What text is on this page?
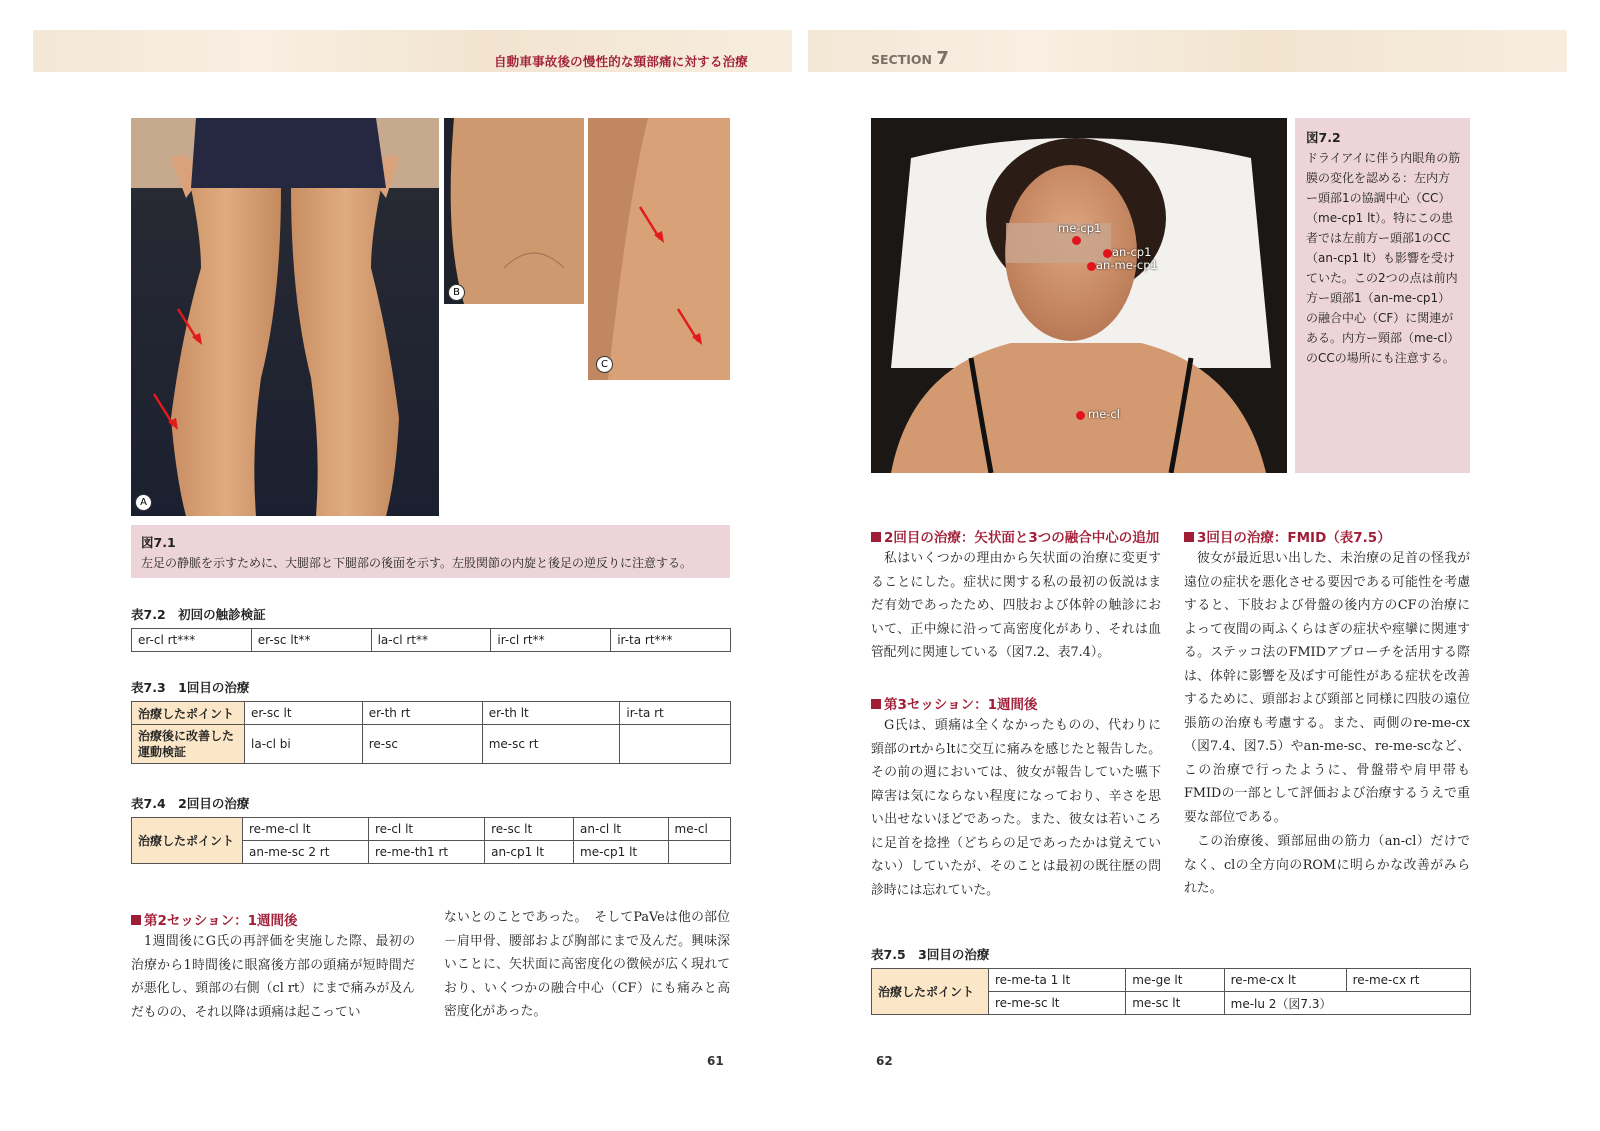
自動車事故後の慢性的な頸部痛に対する治療	SECTION 7
A
B
C
図7.1
左足の静脈を示すために、大腿部と下腿部の後面を示す。左股関節の内旋と後足の逆反りに注意する。
表7.2　初回の触診検証
er-cl rt***	er-sc lt**	la-cl rt**	ir-cl rt**	ir-ta rt***
表7.3　1回目の治療
治療したポイント	er-sc lt	er-th rt	er-th lt	ir-ta rt
治療後に改善した運動検証	la-cl bi	re-sc	me-sc rt	
表7.4　2回目の治療
治療したポイント	re-me-cl lt	re-cl lt	re-sc lt	an-cl lt	me-cl
	an-me-sc 2 rt	re-me-th1 rt	an-cp1 lt	me-cp1 lt	
第2セッション：1週間後
1週間後にG氏の再評価を実施した際、最初の治療から1時間後に眼窩後方部の頭痛が短時間だが悪化し、頸部の右側（cl rt）にまで痛みが及んだものの、それ以降は頭痛は起こってい
ないとのことであった。　そしてPaVeは他の部位－肩甲骨、腰部および胸部にまで及んだ。興味深いことに、矢状面に高密度化の徴候が広く現れており、いくつかの融合中心（CF）にも痛みと高密度化があった。
61
me-cp1
an-cp1
an-me-cp1
me-cl
図7.2
ドライアイに伴う内眼角の筋膜の変化を認める：左内方ー頭部1の協調中心（CC）（me-cp1 lt）。特にこの患者では左前方ー頭部1のCC（an-cp1 lt）も影響を受けていた。この2つの点は前内方ー頭部1（an-me-cp1）の融合中心（CF）に関連がある。内方ー頸部（me-cl）のCCの場所にも注意する。
2回目の治療：矢状面と3つの融合中心の追加
私はいくつかの理由から矢状面の治療に変更することにした。症状に関する私の最初の仮説はまだ有効であったため、四肢および体幹の触診において、正中線に沿って高密度化があり、それは血管配列に関連している（図7.2、表7.4）。
第3セッション：1週間後
G氏は、頭痛は全くなかったものの、代わりに頸部のrtからltに交互に痛みを感じたと報告した。その前の週においては、彼女が報告していた嚥下障害は気にならない程度になっており、辛さを思い出せないほどであった。また、彼女は若いころに足首を捻挫（どちらの足であったかは覚えていない）していたが、そのことは最初の既往歴の問診時には忘れていた。
3回目の治療：FMID（表7.5）
彼女が最近思い出した、未治療の足首の怪我が遠位の症状を悪化させる要因である可能性を考慮すると、下肢および骨盤の後内方のCFの治療によって夜間の両ふくらはぎの症状や痙攣に関連する。ステッコ法のFMIDアプローチを活用する際は、体幹に影響を及ぼす可能性がある症状を改善するために、頭部および頸部と同様に四肢の遠位張筋の治療も考慮する。また、両側のre-me-cx（図7.4、図7.5）やan-me-sc、re-me-scなど、この治療で行ったように、骨盤帯や肩甲帯もFMIDの一部として評価および治療するうえで重要な部位である。
この治療後、頸部屈曲の筋力（an-cl）だけでなく、clの全方向のROMに明らかな改善がみられた。
表7.5　3回目の治療
治療したポイント	re-me-ta 1 lt	me-ge lt	re-me-cx lt	re-me-cx rt
	re-me-sc lt	me-sc lt	me-lu 2（図7.3）	
62
